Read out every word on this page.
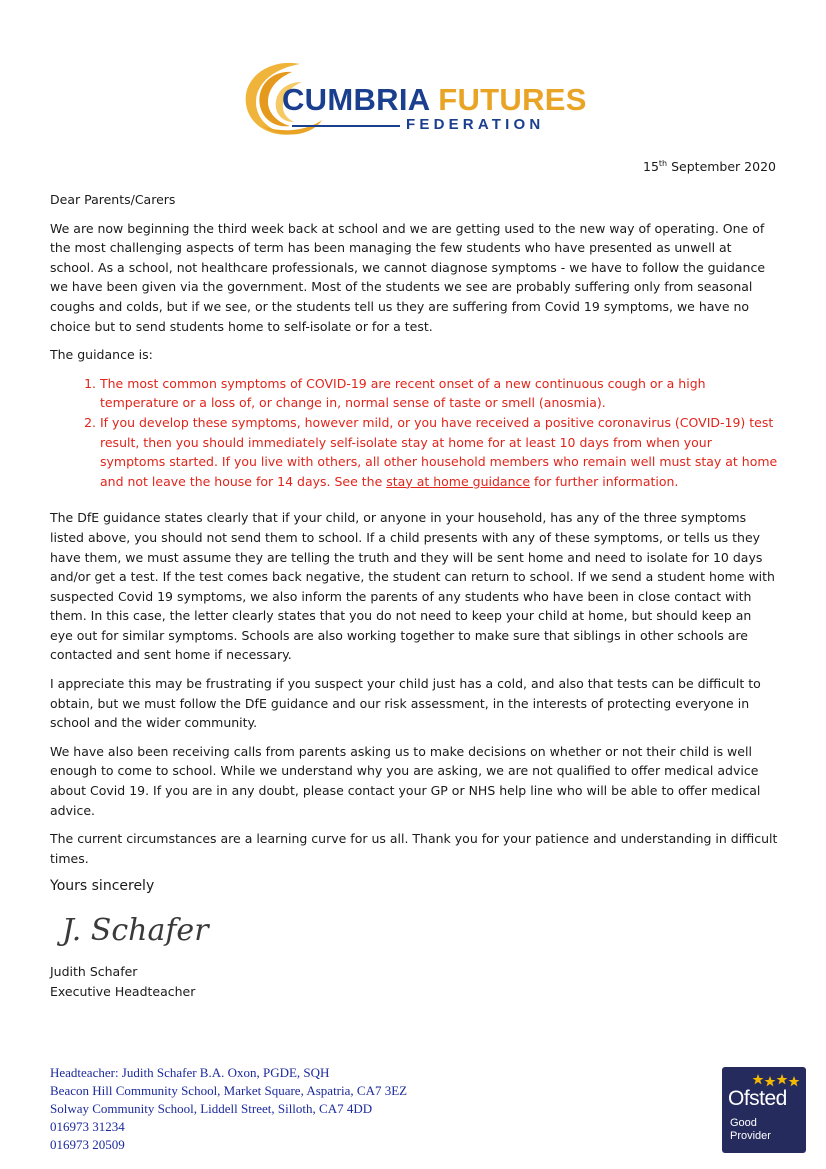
CUMBRIA FUTURES
FEDERATION
15th September 2020

Dear Parents/Carers

We are now beginning the third week back at school and we are getting used to the new way of operating. One of the most challenging aspects of term has been managing the few students who have presented as unwell at school. As a school, not healthcare professionals, we cannot diagnose symptoms - we have to follow the guidance we have been given via the government. Most of the students we see are probably suffering only from seasonal coughs and colds, but if we see, or the students tell us they are suffering from Covid 19 symptoms, we have no choice but to send students home to self-isolate or for a test.

The guidance is:

1. The most common symptoms of COVID-19 are recent onset of a new continuous cough or a high temperature or a loss of, or change in, normal sense of taste or smell (anosmia).
2. If you develop these symptoms, however mild, or you have received a positive coronavirus (COVID-19) test result, then you should immediately self-isolate stay at home for at least 10 days from when your symptoms started. If you live with others, all other household members who remain well must stay at home and not leave the house for 14 days. See the stay at home guidance for further information.

The DfE guidance states clearly that if your child, or anyone in your household, has any of the three symptoms listed above, you should not send them to school. If a child presents with any of these symptoms, or tells us they have them, we must assume they are telling the truth and they will be sent home and need to isolate for 10 days and/or get a test. If the test comes back negative, the student can return to school. If we send a student home with suspected Covid 19 symptoms, we also inform the parents of any students who have been in close contact with them. In this case, the letter clearly states that you do not need to keep your child at home, but should keep an eye out for similar symptoms. Schools are also working together to make sure that siblings in other schools are contacted and sent home if necessary.

I appreciate this may be frustrating if you suspect your child just has a cold, and also that tests can be difficult to obtain, but we must follow the DfE guidance and our risk assessment, in the interests of protecting everyone in school and the wider community.

We have also been receiving calls from parents asking us to make decisions on whether or not their child is well enough to come to school. While we understand why you are asking, we are not qualified to offer medical advice about Covid 19. If you are in any doubt, please contact your GP or NHS help line who will be able to offer medical advice.

The current circumstances are a learning curve for us all. Thank you for your patience and understanding in difficult times.

Yours sincerely

J. Schafer

Judith Schafer

Executive Headteacher

Headteacher: Judith Schafer B.A. Oxon, PGDE, SQH
Beacon Hill Community School, Market Square, Aspatria, CA7 3EZ
Solway Community School, Liddell Street, Silloth, CA7 4DD
016973 31234
016973 20509
Ofsted
Good
Provider
